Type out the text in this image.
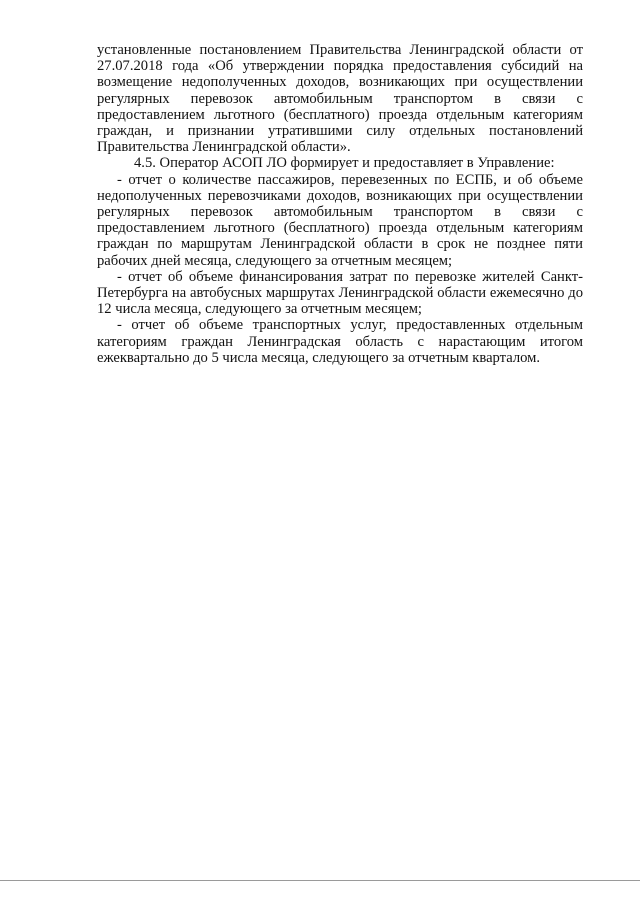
установленные постановлением Правительства Ленинградской области от 27.07.2018 года «Об утверждении порядка предоставления субсидий на возмещение недополученных доходов, возникающих при осуществлении регулярных перевозок автомобильным транспортом в связи с предоставлением льготного (бесплатного) проезда отдельным категориям граждан, и признании утратившими силу отдельных постановлений Правительства Ленинградской области».

4.5. Оператор АСОП ЛО формирует и предоставляет в Управление:

- отчет о количестве пассажиров, перевезенных по ЕСПБ, и об объеме недополученных перевозчиками доходов, возникающих при осуществлении регулярных перевозок автомобильным транспортом в связи с предоставлением льготного (бесплатного) проезда отдельным категориям граждан по маршрутам Ленинградской области в срок не позднее пяти рабочих дней месяца, следующего за отчетным месяцем;

- отчет об объеме финансирования затрат по перевозке жителей Санкт-Петербурга на автобусных маршрутах Ленинградской области ежемесячно до 12 числа месяца, следующего за отчетным месяцем;

- отчет об объеме транспортных услуг, предоставленных отдельным категориям граждан Ленинградская область с нарастающим итогом ежеквартально до 5 числа месяца, следующего за отчетным кварталом.
